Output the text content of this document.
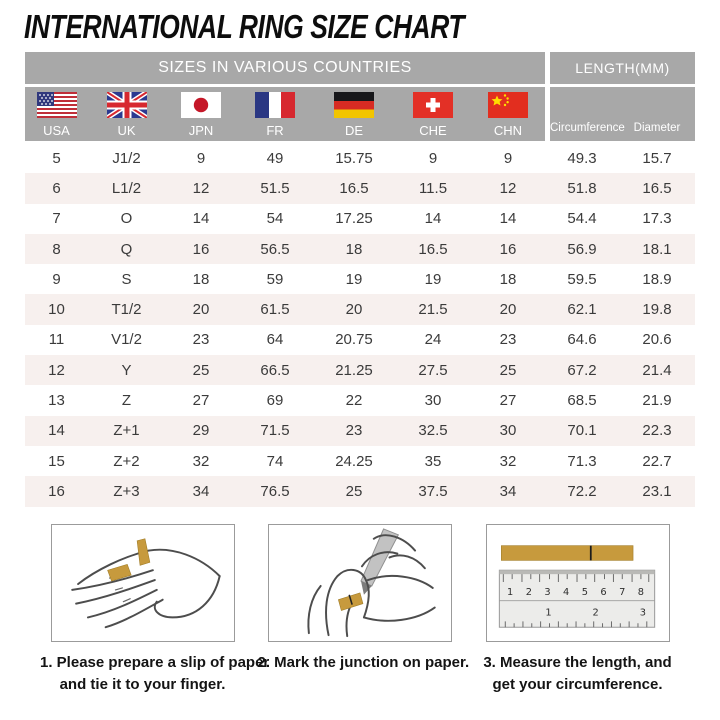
INTERNATIONAL RING SIZE CHART
SIZES IN VARIOUS COUNTRIES	LENGTH(MM)
USA	UK	JPN	FR	DE	CHE	CHN Circumference Diameter
5	J1/2	9	49	15.75	9	9	49.3	15.7
6	L1/2	12	51.5	16.5	11.5	12	51.8	16.5
7	O	14	54	17.25	14	14	54.4	17.3
8	Q	16	56.5	18	16.5	16	56.9	18.1
9	S	18	59	19	19	18	59.5	18.9
10	T1/2	20	61.5	20	21.5	20	62.1	19.8
11	V1/2	23	64	20.75	24	23	64.6	20.6
12	Y	25	66.5	21.25	27.5	25	67.2	21.4
13	Z	27	69	22	30	27	68.5	21.9
14	Z+1	29	71.5	23	32.5	30	70.1	22.3
15	Z+2	32	74	24.25	35	32	71.3	22.7
16	Z+3	34	76.5	25	37.5	34	72.2	23.1
1. Please prepare a slip of paper
and tie it to your finger.
2. Mark the junction on paper.
1 2 3 4 5 6 7 8
1	2	3
3. Measure the length, and
get your circumference.
